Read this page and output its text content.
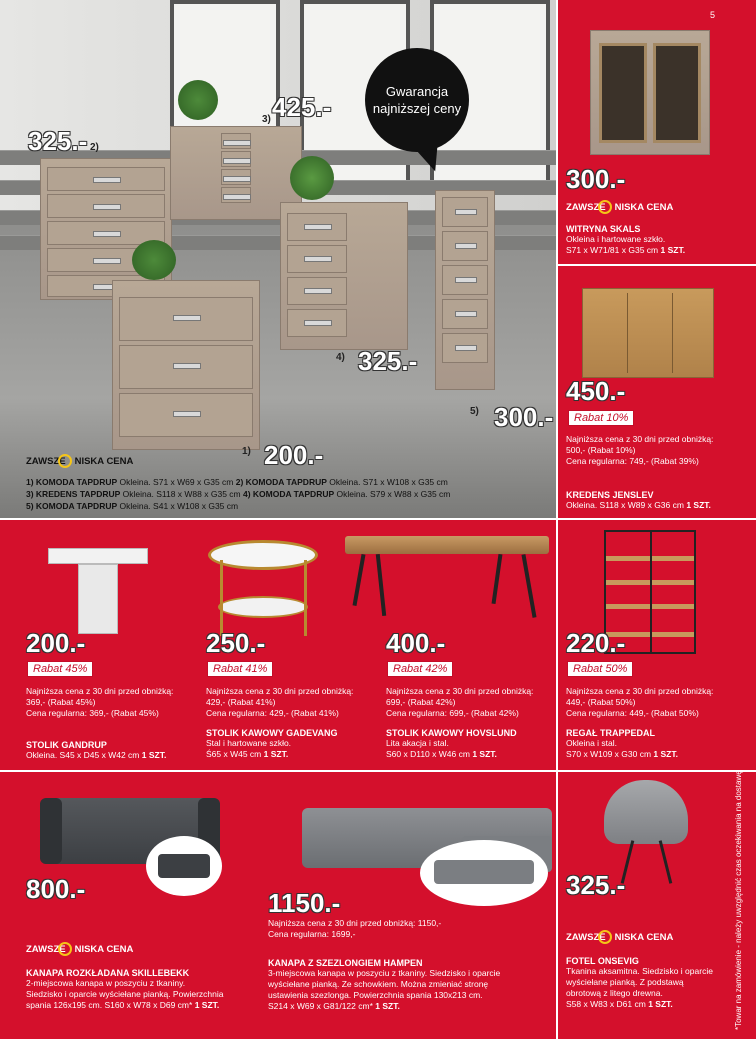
325.- 2)
425.-
3)
4) 325.-
5) 300.-
1) 200.-
Gwarancja
najniższej ceny
ZAWSZE NISKA CENA
1) KOMODA TAPDRUP Okleina. S71 x W69 x G35 cm 2) KOMODA TAPDRUP Okleina. S71 x W108 x G35 cm
3) KREDENS TAPDRUP Okleina. S118 x W88 x G35 cm 4) KOMODA TAPDRUP Okleina. S79 x W88 x G35 cm
5) KOMODA TAPDRUP Okleina. S41 x W108 x G35 cm
5
300.-
ZAWSZE NISKA CENA
WITRYNA SKALS
Okleina i hartowane szkło.
S71 x W71/81 x G35 cm 1 SZT.
450.-
Rabat 10%
Najniższa cena z 30 dni przed obniżką:
500,- (Rabat 10%)
Cena regularna: 749,- (Rabat 39%)
KREDENS JENSLEV
Okleina. S118 x W89 x G36 cm 1 SZT.
200.-
Rabat 45%
Najniższa cena z 30 dni przed obniżką:
369,- (Rabat 45%)
Cena regularna: 369,- (Rabat 45%)
STOLIK GANDRUP
Okleina. S45 x D45 x W42 cm 1 SZT.
250.-
Rabat 41%
Najniższa cena z 30 dni przed obniżką:
429,- (Rabat 41%)
Cena regularna: 429,- (Rabat 41%)
STOLIK KAWOWY GADEVANG
Stal i hartowane szkło.
Ś65 x W45 cm 1 SZT.
400.-
Rabat 42%
Najniższa cena z 30 dni przed obniżką:
699,- (Rabat 42%)
Cena regularna: 699,- (Rabat 42%)
STOLIK KAWOWY HOVSLUND
Lita akacja i stal.
S60 x D110 x W46 cm 1 SZT.
220.-
Rabat 50%
Najniższa cena z 30 dni przed obniżką:
449,- (Rabat 50%)
Cena regularna: 449,- (Rabat 50%)
REGAŁ TRAPPEDAL
Okleina i stal.
S70 x W109 x G30 cm 1 SZT.
800.-
ZAWSZE NISKA CENA
KANAPA ROZKŁADANA SKILLEBEKK
2-miejscowa kanapa w poszyciu z tkaniny.
Siedzisko i oparcie wyściełane pianką. Powierzchnia
spania 126x195 cm. S160 x W78 x D69 cm* 1 SZT.
1150.-
Najniższa cena z 30 dni przed obniżką: 1150,-
Cena regularna: 1699,-
KANAPA Z SZEZLONGIEM HAMPEN
3-miejscowa kanapa w poszyciu z tkaniny. Siedzisko i oparcie
wyściełane pianką. Ze schowkiem. Można zmieniać stronę
ustawienia szezlonga. Powierzchnia spania 130x213 cm.
S214 x W69 x G81/122 cm* 1 SZT.
325.-
ZAWSZE NISKA CENA
FOTEL ONSEVIG
Tkanina aksamitna. Siedzisko i oparcie
wyściełane pianką. Z podstawą
obrotową z litego drewna.
S58 x W83 x D61 cm 1 SZT.	*Towar na zamówienie - należy uwzględnić czas oczekiwania na dostawę
